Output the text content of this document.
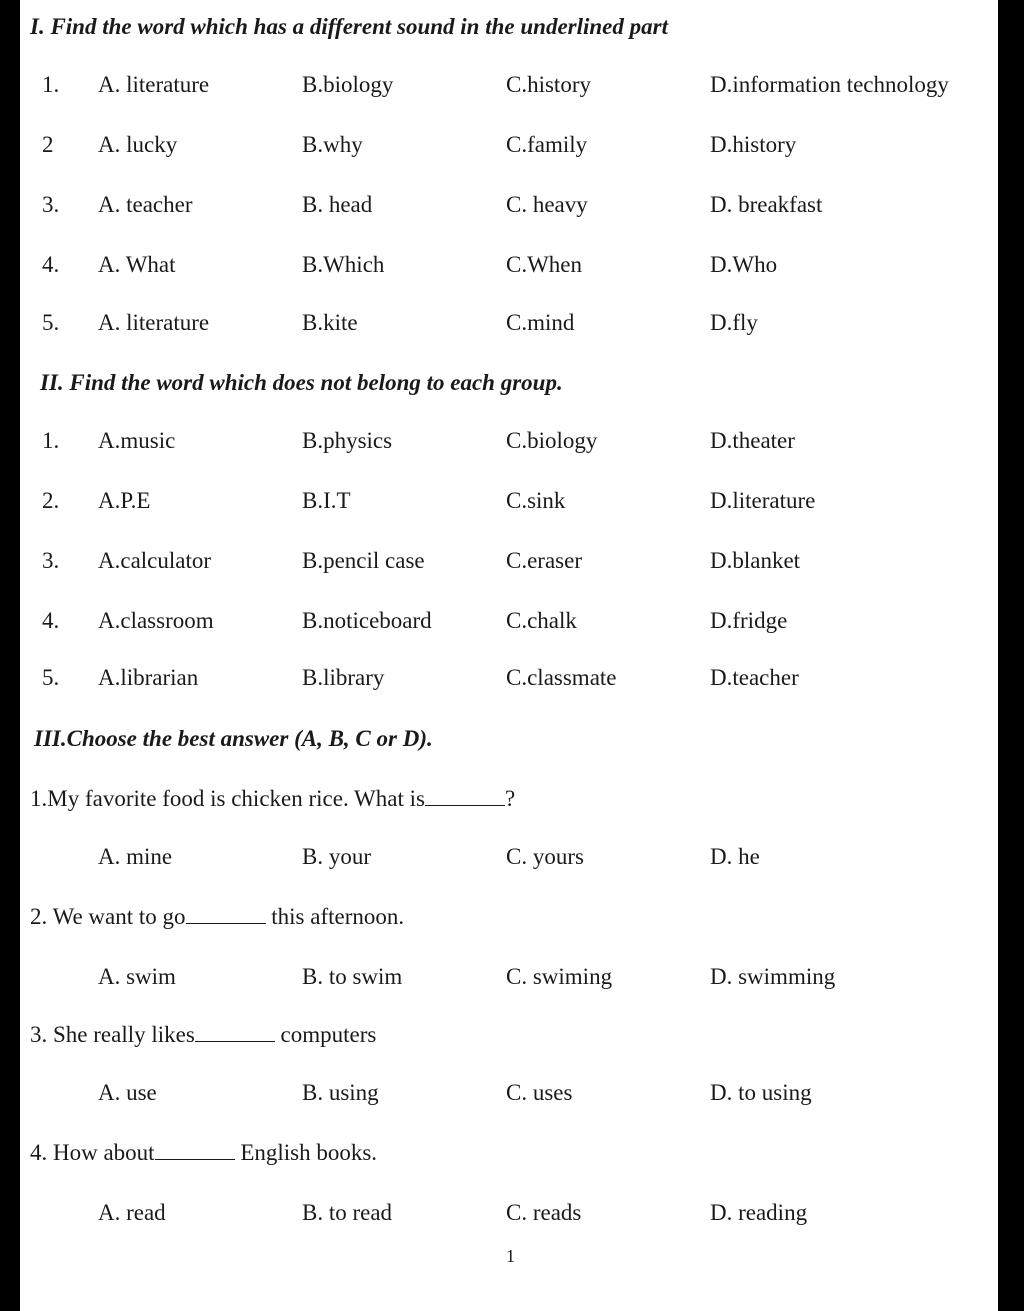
I. Find the word which has a different sound in the underlined part
1. A. literature	B.biology	C.history	D.information technology
2 A. lucky	B.why	C.family	D.history
3. A. teacher	B. head	C. heavy	D. breakfast
4. A. What	B.Which	C.When	D.Who
5. A. literature	B.kite	C.mind	D.fly
II. Find the word which does not belong to each group.
1. A.music	B.physics	C.biology	D.theater
2. A.P.E	B.I.T	C.sink	D.literature
3. A.calculator	B.pencil case	C.eraser	D.blanket
4. A.classroom	B.noticeboard	C.chalk	D.fridge
5. A.librarian	B.library	C.classmate	D.teacher
III.Choose the best answer (A, B, C or D).
1.My favorite food is chicken rice. What is	?
A. mine	B. your	C. yours	D. he
2. We want to go	this afternoon.
A. swim	B. to swim	C. swiming	D. swimming
3. She really likes	computers
A. use	B. using	C. uses	D. to using
4. How about	English books.
A. read	B. to read	C. reads	D. reading
1
